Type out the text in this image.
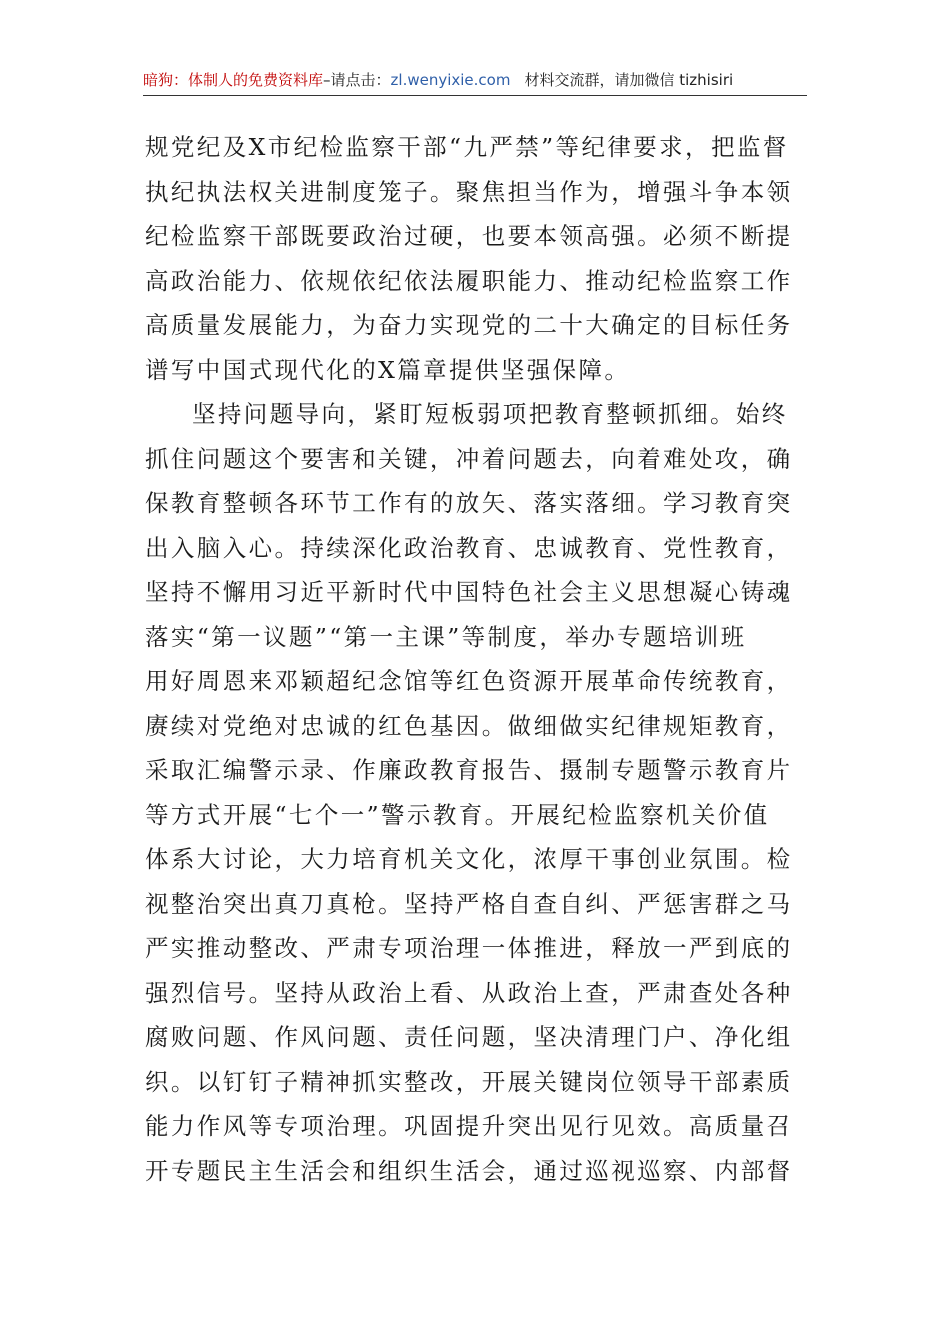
暗狗：体制人的免费资料库–请点击：zl.wenyixie.com 材料交流群，请加微信 tizhisiri
规党纪及X市纪检监察干部“九严禁”等纪律要求，把监督
执纪执法权关进制度笼子。聚焦担当作为，增强斗争本领
纪检监察干部既要政治过硬，也要本领高强。必须不断提
高政治能力、依规依纪依法履职能力、推动纪检监察工作
高质量发展能力，为奋力实现党的二十大确定的目标任务
谱写中国式现代化的X篇章提供坚强保障。
坚持问题导向，紧盯短板弱项把教育整顿抓细。始终
抓住问题这个要害和关键，冲着问题去，向着难处攻，确
保教育整顿各环节工作有的放矢、落实落细。学习教育突
出入脑入心。持续深化政治教育、忠诚教育、党性教育，
坚持不懈用习近平新时代中国特色社会主义思想凝心铸魂
落实“第一议题”“第一主课”等制度，举办专题培训班
用好周恩来邓颖超纪念馆等红色资源开展革命传统教育，
赓续对党绝对忠诚的红色基因。做细做实纪律规矩教育，
采取汇编警示录、作廉政教育报告、摄制专题警示教育片
等方式开展“七个一”警示教育。开展纪检监察机关价值
体系大讨论，大力培育机关文化，浓厚干事创业氛围。检
视整治突出真刀真枪。坚持严格自查自纠、严惩害群之马
严实推动整改、严肃专项治理一体推进，释放一严到底的
强烈信号。坚持从政治上看、从政治上查，严肃查处各种
腐败问题、作风问题、责任问题，坚决清理门户、净化组
织。以钉钉子精神抓实整改，开展关键岗位领导干部素质
能力作风等专项治理。巩固提升突出见行见效。高质量召
开专题民主生活会和组织生活会，通过巡视巡察、内部督
